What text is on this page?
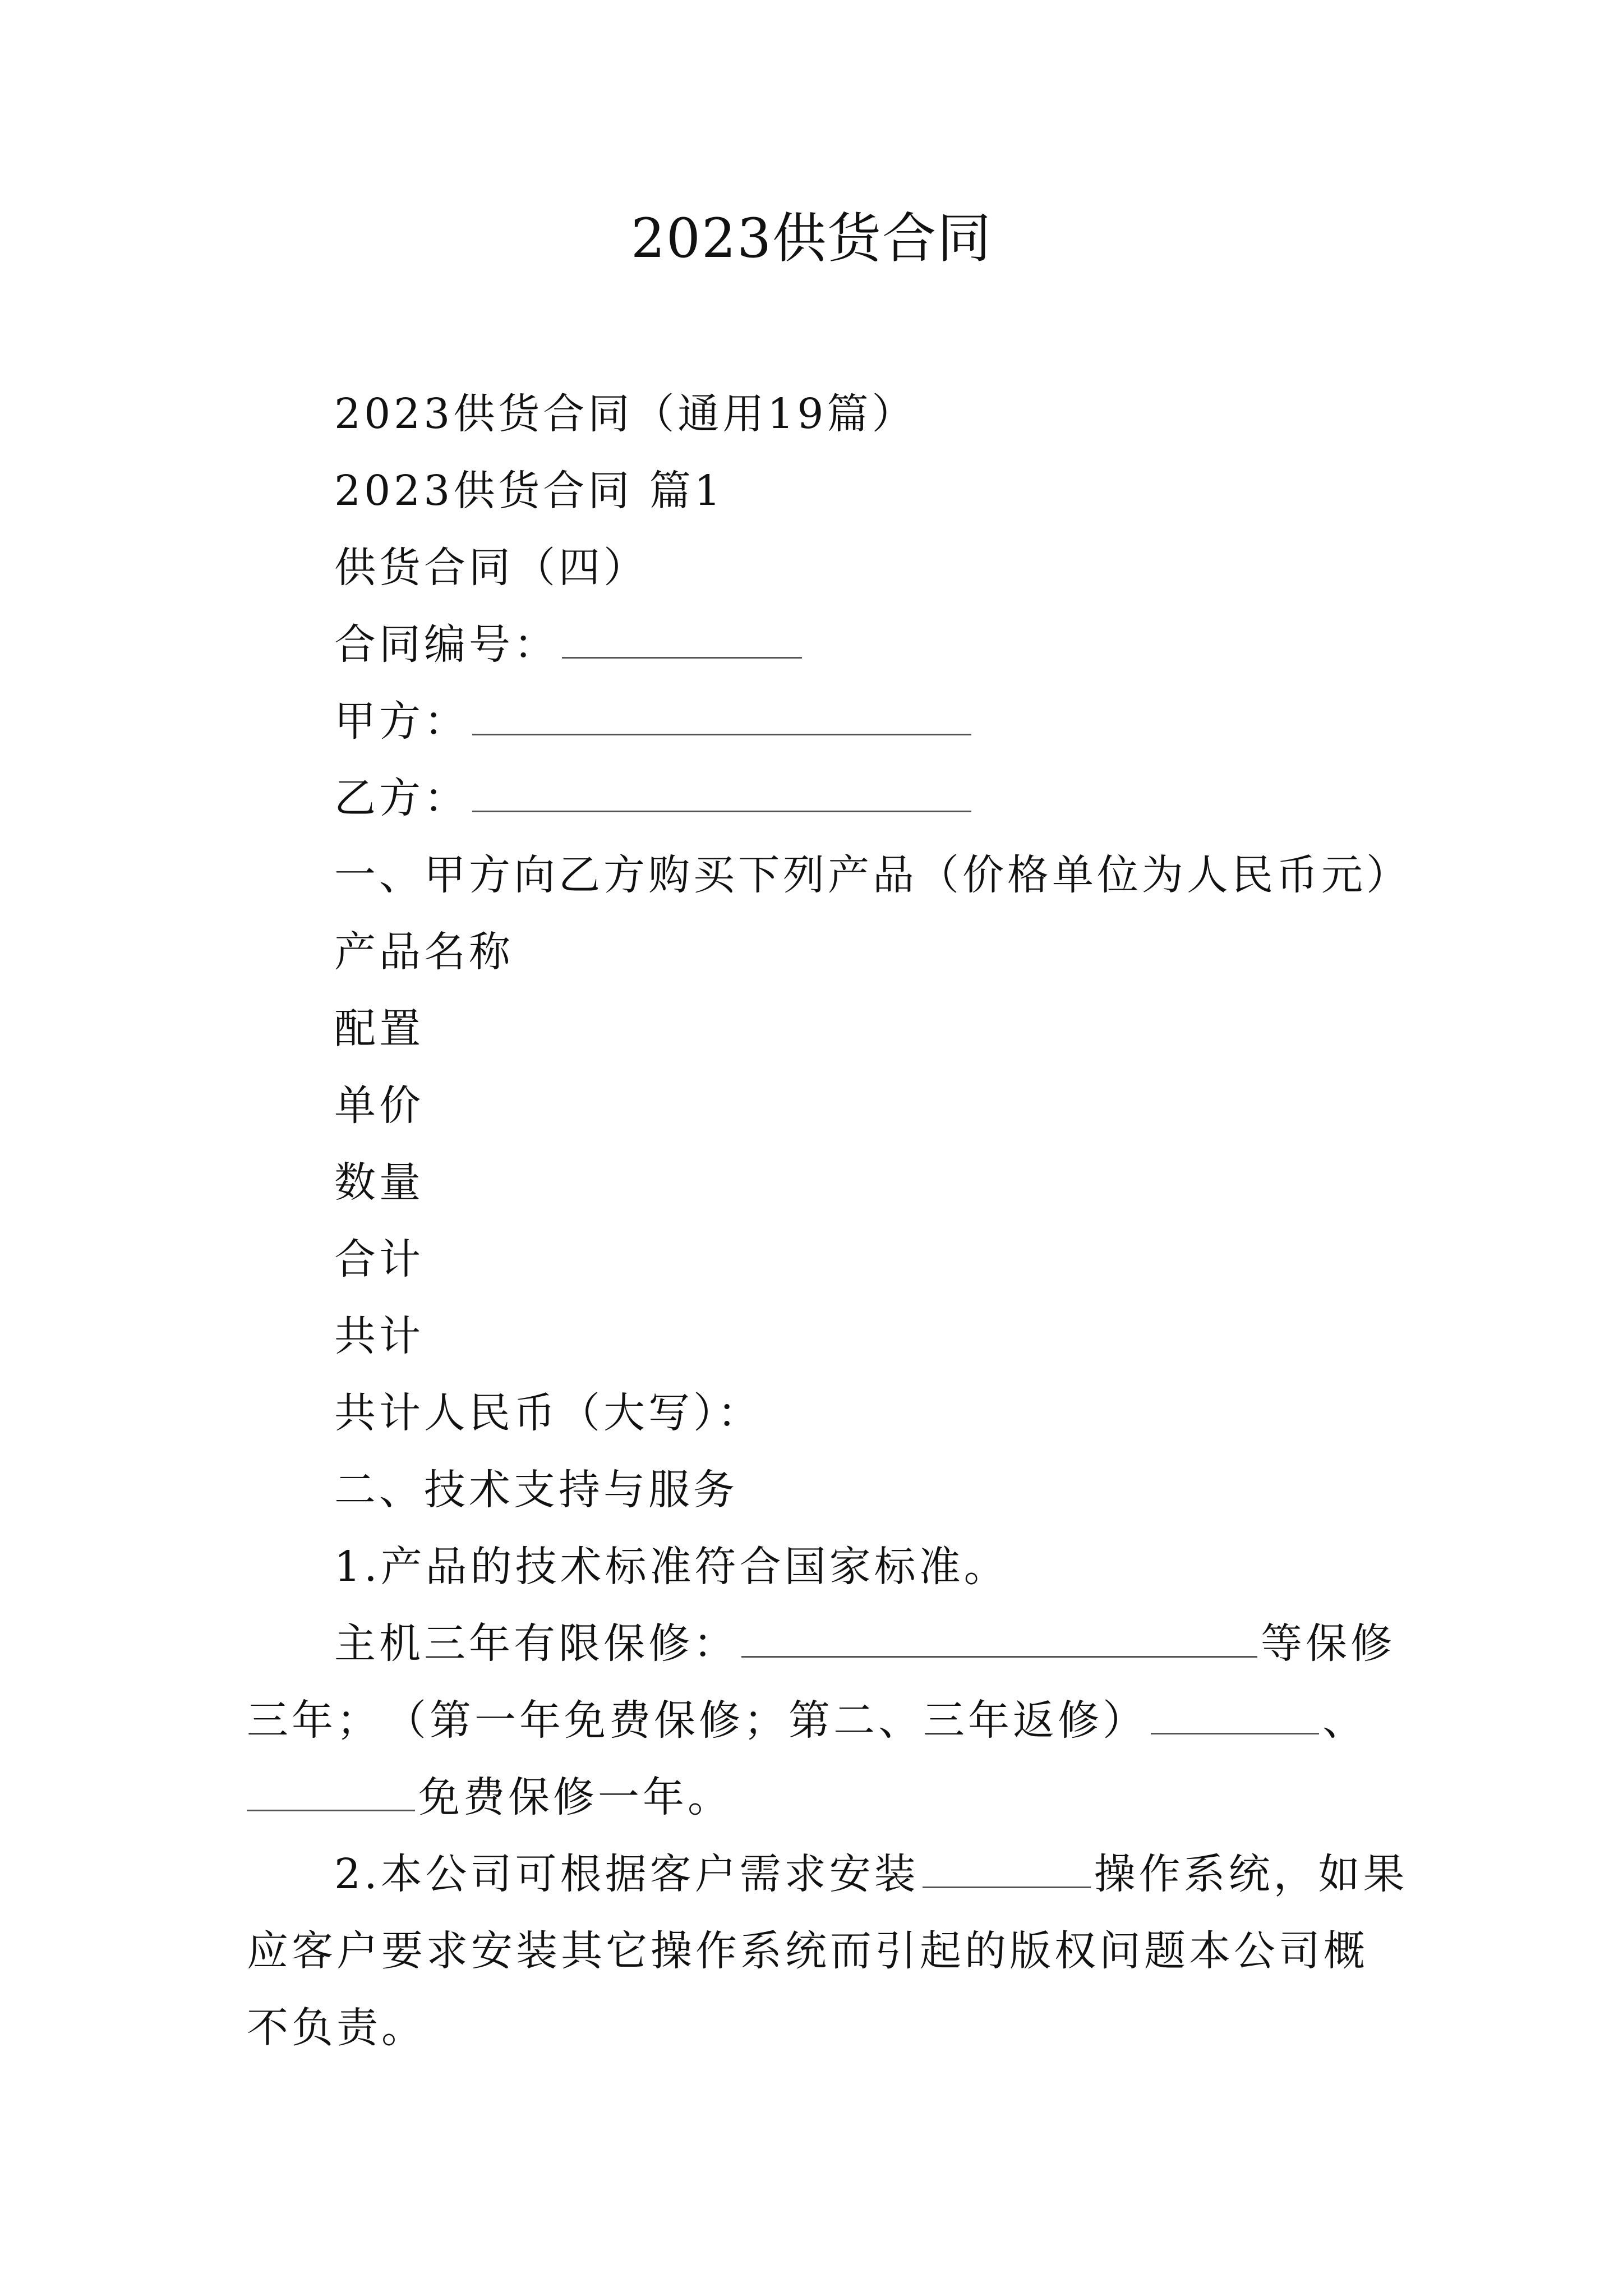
2023供货合同
2023供货合同（通用19篇）
2023供货合同 篇1
供货合同（四）
合同编号：
甲方：
乙方：
一、甲方向乙方购买下列产品（价格单位为人民币元）
产品名称
配置
单价
数量
合计
共计
共计人民币（大写）：
二、技术支持与服务
1.产品的技术标准符合国家标准。
主机三年有限保修：	等保修
三年；　（第一年免费保修；第二、三年返修）	、
免费保修一年。
2.本公司可根据客户需求安装	操作系统，如果
应客户要求安装其它操作系统而引起的版权问题本公司概
不负责。
